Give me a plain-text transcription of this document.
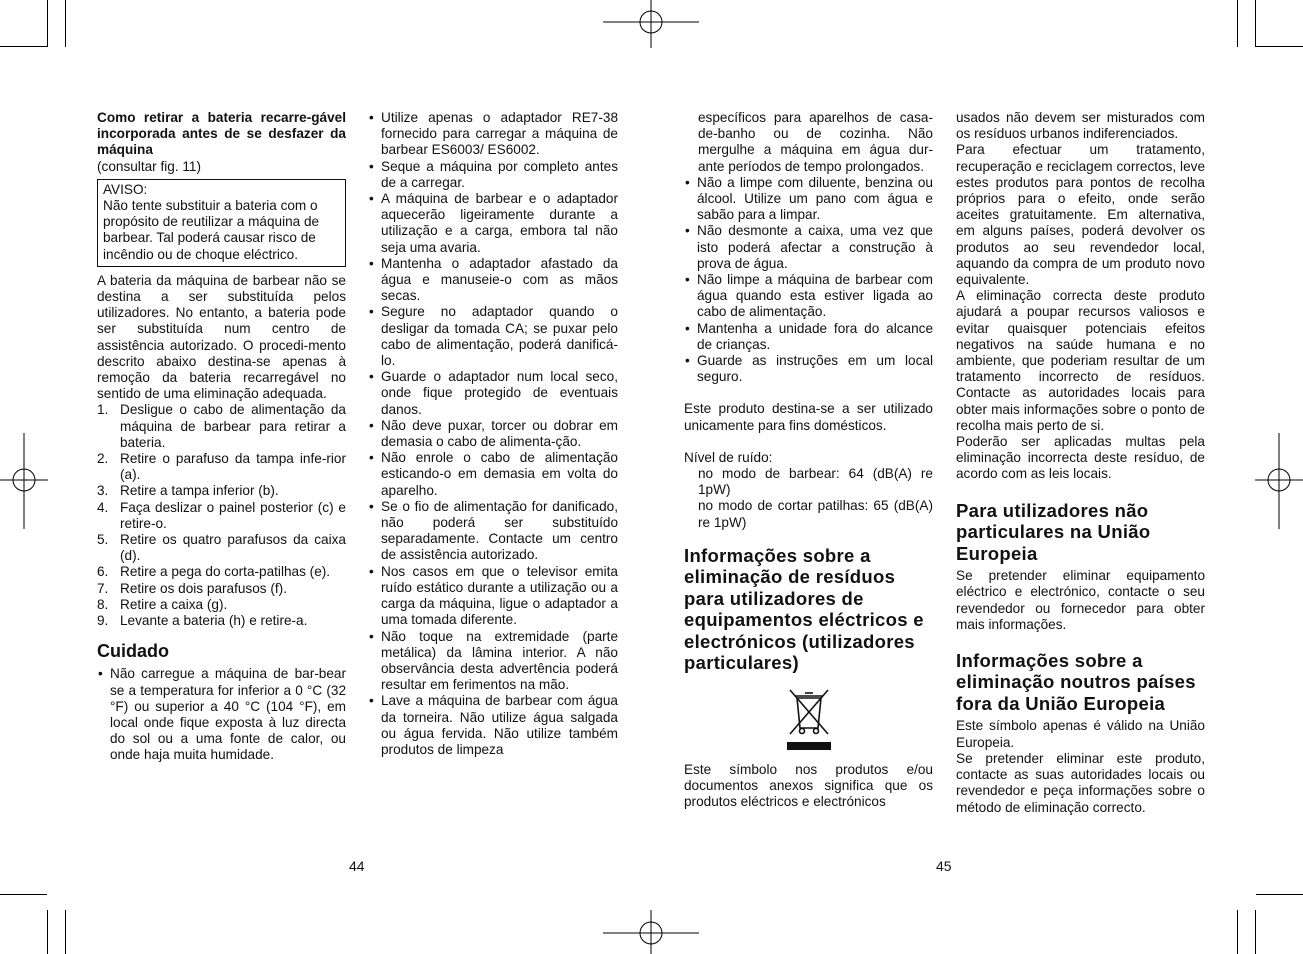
Como retirar a bateria recarre-gável incorporada antes de se desfazer da máquina

(consultar fig. 11)

AVISO:

Não tente substituir a bateria com o propósito de reutilizar a máquina de barbear. Tal poderá causar risco de incêndio ou de choque eléctrico.

A bateria da máquina de barbear não se destina a ser substituída pelos utilizadores. No entanto, a bateria pode ser substituída num centro de assistência autorizado. O procedi-mento descrito abaixo destina-se apenas à remoção da bateria recarregável no sentido de uma eliminação adequada.

1. Desligue o cabo de alimentação da máquina de barbear para retirar a bateria.
2. Retire o parafuso da tampa infe-rior (a).
3. Retire a tampa inferior (b).
4. Faça deslizar o painel posterior (c) e retire-o.
5. Retire os quatro parafusos da caixa (d).
6. Retire a pega do corta-patilhas (e).
7. Retire os dois parafusos (f).
8. Retire a caixa (g).
9. Levante a bateria (h) e retire-a.
Cuidado
• Não carregue a máquina de bar-bear se a temperatura for inferior a 0 °C (32 °F) ou superior a 40 °C (104 °F), em local onde fique exposta à luz directa do sol ou a uma fonte de calor, ou onde haja muita humidade.
• Utilize apenas o adaptador RE7-38 fornecido para carregar a máquina de barbear ES6003/ ES6002.
• Seque a máquina por completo antes de a carregar.
• A máquina de barbear e o adaptador aquecerão ligeiramente durante a utilização e a carga, embora tal não seja uma avaria.
• Mantenha o adaptador afastado da água e manuseie-o com as mãos secas.
• Segure no adaptador quando o desligar da tomada CA; se puxar pelo cabo de alimentação, poderá danificá-lo.
• Guarde o adaptador num local seco, onde fique protegido de eventuais danos.
• Não deve puxar, torcer ou dobrar em demasia o cabo de alimenta-ção.
• Não enrole o cabo de alimentação esticando-o em demasia em volta do aparelho.
• Se o fio de alimentação for danificado, não poderá ser substituído separadamente. Contacte um centro de assistência autorizado.
• Nos casos em que o televisor emita ruído estático durante a utilização ou a carga da máquina, ligue o adaptador a uma tomada diferente.
• Não toque na extremidade (parte metálica) da lâmina interior. A não observância desta advertência poderá resultar em ferimentos na mão.
• Lave a máquina de barbear com água da torneira. Não utilize água salgada ou água fervida. Não utilize também produtos de limpeza
44

específicos para aparelhos de casa-de-banho ou de cozinha. Não mergulhe a máquina em água dur-ante períodos de tempo prolongados.

• Não a limpe com diluente, benzina ou álcool. Utilize um pano com água e sabão para a limpar.
• Não desmonte a caixa, uma vez que isto poderá afectar a construção à prova de água.
• Não limpe a máquina de barbear com água quando esta estiver ligada ao cabo de alimentação.
• Mantenha a unidade fora do alcance de crianças.
• Guarde as instruções em um local seguro.

Este produto destina-se a ser utilizado unicamente para fins domésticos.

Nível de ruído:

no modo de barbear: 64 (dB(A) re 1pW)

no modo de cortar patilhas: 65 (dB(A) re 1pW)

Informações sobre a eliminação de resíduos para utilizadores de equipamentos eléctricos e electrónicos (utilizadores particulares)

Este símbolo nos produtos e/ou documentos anexos significa que os produtos eléctricos e electrónicos

usados não devem ser misturados com os resíduos urbanos indiferenciados.

Para efectuar um tratamento, recuperação e reciclagem correctos, leve estes produtos para pontos de recolha próprios para o efeito, onde serão aceites gratuitamente. Em alternativa, em alguns países, poderá devolver os produtos ao seu revendedor local, aquando da compra de um produto novo equivalente.

A eliminação correcta deste produto ajudará a poupar recursos valiosos e evitar quaisquer potenciais efeitos negativos na saúde humana e no ambiente, que poderiam resultar de um tratamento incorrecto de resíduos. Contacte as autoridades locais para obter mais informações sobre o ponto de recolha mais perto de si.

Poderão ser aplicadas multas pela eliminação incorrecta deste resíduo, de acordo com as leis locais.

Para utilizadores não particulares na União Europeia

Se pretender eliminar equipamento eléctrico e electrónico, contacte o seu revendedor ou fornecedor para obter mais informações.

Informações sobre a eliminação noutros países fora da União Europeia

Este símbolo apenas é válido na União Europeia.

Se pretender eliminar este produto, contacte as suas autoridades locais ou revendedor e peça informações sobre o método de eliminação correcto.

45
